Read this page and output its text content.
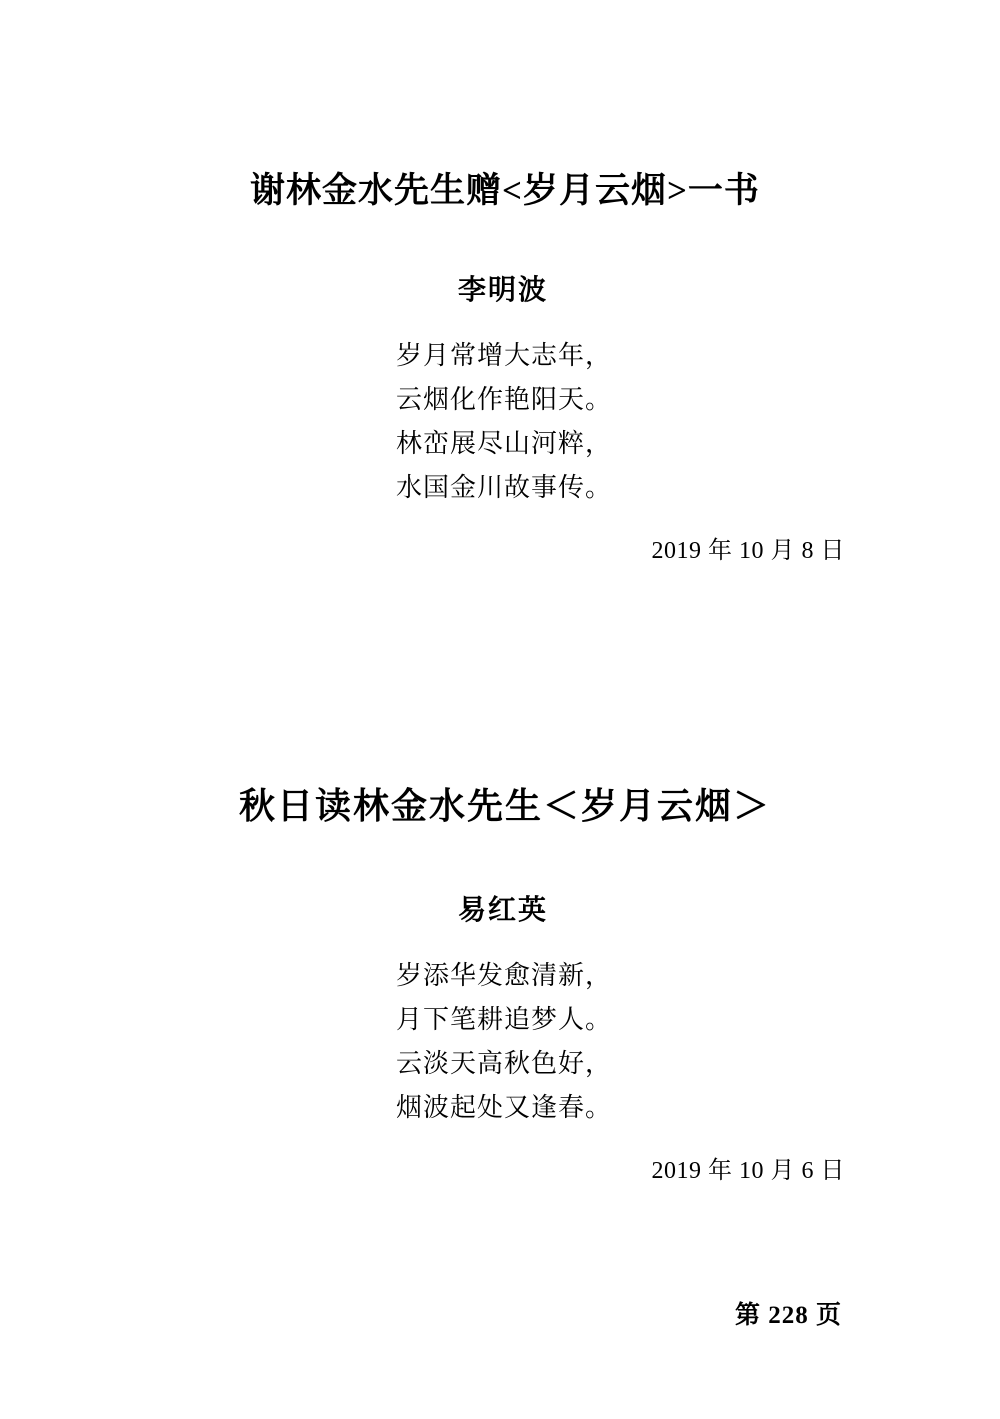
谢林金水先生赠<岁月云烟>一书
李明波
岁月常增大志年，
云烟化作艳阳天。
林峦展尽山河粹，
水国金川故事传。
2019 年 10 月 8 日
秋日读林金水先生＜岁月云烟＞
易红英
岁添华发愈清新，
月下笔耕追梦人。
云淡天高秋色好，
烟波起处又逢春。
2019 年 10 月 6 日
第 228 页
